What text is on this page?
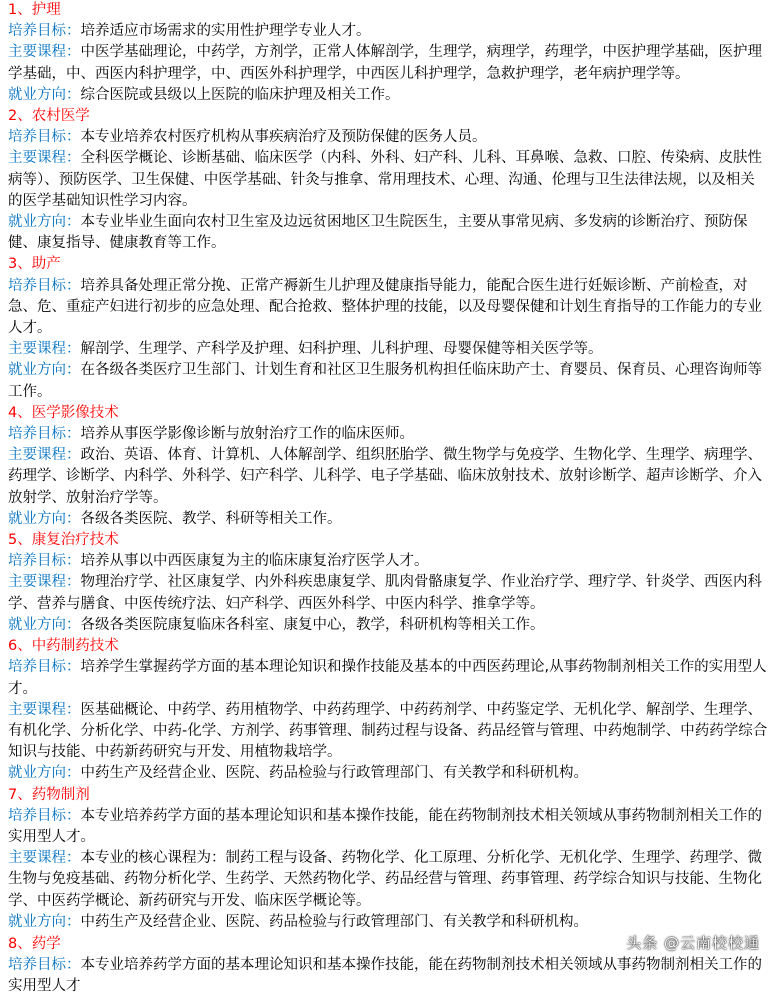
1、护理

培养目标：培养适应市场需求的实用性护理学专业人才。

主要课程：中医学基础理论，中药学，方剂学，正常人体解剖学，生理学，病理学，药理学，中医护理学基础，医护理学基础，中、西医内科护理学，中、西医外科护理学，中西医儿科护理学，急救护理学，老年病护理学等。

就业方向：综合医院或县级以上医院的临床护理及相关工作。

2、农村医学

培养目标：本专业培养农村医疗机构从事疾病治疗及预防保健的医务人员。

主要课程：全科医学概论、诊断基础、临床医学（内科、外科、妇产科、儿科、耳鼻喉、急救、口腔、传染病、皮肤性病等）、预防医学、卫生保健、中医学基础、针灸与推拿、常用理技术、心理、沟通、伦理与卫生法律法规，以及相关的医学基础知识性学习内容。

就业方向：本专业毕业生面向农村卫生室及边远贫困地区卫生院医生，主要从事常见病、多发病的诊断治疗、预防保健、康复指导、健康教育等工作。

3、助产

培养目标：培养具备处理正常分挽、正常产褥新生儿护理及健康指导能力，能配合医生进行妊娠诊断、产前检查，对急、危、重症产妇进行初步的应急处理、配合抢救、整体护理的技能，以及母婴保健和计划生育指导的工作能力的专业人才。

主要课程：解剖学、生理学、产科学及护理、妇科护理、儿科护理、母婴保健等相关医学等。

就业方向：在各级各类医疗卫生部门、计划生育和社区卫生服务机构担任临床助产士、育婴员、保育员、心理咨询师等工作。

4、医学影像技术

培养目标：培养从事医学影像诊断与放射治疗工作的临床医师。

主要课程：政治、英语、体育、计算机、人体解剖学、组织胚胎学、微生物学与免疫学、生物化学、生理学、病理学、药理学、诊断学、内科学、外科学、妇产科学、儿科学、电子学基础、临床放射技术、放射诊断学、超声诊断学、介入放射学、放射治疗学等。

就业方向：各级各类医院、教学、科研等相关工作。

5、康复治疗技术

培养目标：培养从事以中西医康复为主的临床康复治疗医学人才。

主要课程：物理治疗学、社区康复学、内外科疾患康复学、肌肉骨骼康复学、作业治疗学、理疗学、针炎学、西医内科学、营养与膳食、中医传统疗法、妇产科学、西医外科学、中医内科学、推拿学等。

就业方向：各级各类医院康复临床各科室、康复中心，教学，科研机构等相关工作。

6、中药制药技术

培养目标：培养学生掌握药学方面的基本理论知识和操作技能及基本的中西医药理论,从事药物制剂相关工作的实用型人才。

主要课程：医基础概论、中药学、药用植物学、中药药理学、中药药剂学、中药鉴定学、无机化学、解剖学、生理学、有机化学、分析化学、中药-化学、方剂学、药事管理、制药过程与设备、药品经管与管理、中药炮制学、中药药学综合知识与技能、中药新药研究与开发、用植物栽培学。

就业方向：中药生产及经营企业、医院、药品检验与行政管理部门、有关教学和科研机构。

7、药物制剂

培养目标：本专业培养药学方面的基本理论知识和基本操作技能，能在药物制剂技术相关领域从事药物制剂相关工作的实用型人才。

主要课程：本专业的核心课程为：制药工程与设备、药物化学、化工原理、分析化学、无机化学、生理学、药理学、微生物与免疫基础、药物分析化学、生药学、天然药物化学、药品经营与管理、药事管理、药学综合知识与技能、生物化学、中医药学概论、新药研究与开发、临床医学概论等。

就业方向：中药生产及经营企业、医院、药品检验与行政管理部门、有关教学和科研机构。

8、药学	头条 @云南校校通

培养目标：本专业培养药学方面的基本理论知识和基本操作技能，能在药物制剂技术相关领域从事药物制剂相关工作的实用型人才
